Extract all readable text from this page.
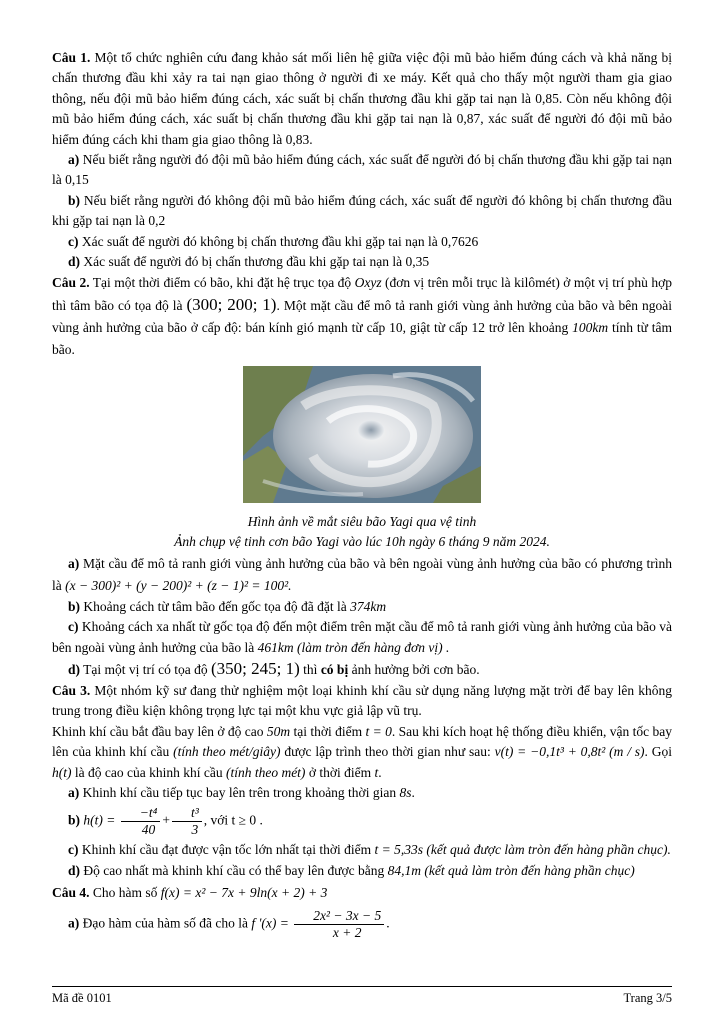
Câu 1. Một tổ chức nghiên cứu đang khảo sát mối liên hệ giữa việc đội mũ bảo hiểm đúng cách và khả năng bị chấn thương đầu khi xảy ra tai nạn giao thông ở người đi xe máy. Kết quả cho thấy một người tham gia giao thông, nếu đội mũ bảo hiểm đúng cách, xác suất bị chấn thương đầu khi gặp tai nạn là 0,85. Còn nếu không đội mũ bảo hiểm đúng cách, xác suất bị chấn thương đầu khi gặp tai nạn là 0,87, xác suất để người đó đội mũ bảo hiểm đúng cách khi tham gia giao thông là 0,83.

a) Nếu biết rằng người đó đội mũ bảo hiểm đúng cách, xác suất để người đó bị chấn thương đầu khi gặp tai nạn là 0,15

b) Nếu biết rằng người đó không đội mũ bảo hiểm đúng cách, xác suất để người đó không bị chấn thương đầu khi gặp tai nạn là 0,2

c) Xác suất để người đó không bị chấn thương đầu khi gặp tai nạn là 0,7626

d) Xác suất để người đó bị chấn thương đầu khi gặp tai nạn là 0,35

Câu 2. Tại một thời điểm có bão, khi đặt hệ trục tọa độ Oxyz (đơn vị trên mỗi trục là kilômét) ở một vị trí phù hợp thì tâm bão có tọa độ là (300; 200; 1). Một mặt cầu để mô tả ranh giới vùng ảnh hưởng của bão và bên ngoài vùng ảnh hưởng của bão ở cấp độ: bán kính gió mạnh từ cấp 10, giật từ cấp 12 trở lên khoảng 100km tính từ tâm bão.

Hình ảnh về mắt siêu bão Yagi qua vệ tinh

Ảnh chụp vệ tinh cơn bão Yagi vào lúc 10h ngày 6 tháng 9 năm 2024.

a) Mặt cầu để mô tả ranh giới vùng ảnh hưởng của bão và bên ngoài vùng ảnh hưởng của bão có phương trình là (x − 300)² + (y − 200)² + (z − 1)² = 100².

b) Khoảng cách từ tâm bão đến gốc tọa độ đã đặt là 374km

c) Khoảng cách xa nhất từ gốc tọa độ đến một điểm trên mặt cầu để mô tả ranh giới vùng ảnh hưởng của bão và bên ngoài vùng ảnh hưởng của bão là 461km (làm tròn đến hàng đơn vị) .

d) Tại một vị trí có tọa độ (350; 245; 1) thì có bị ảnh hưởng bởi cơn bão.

Câu 3. Một nhóm kỹ sư đang thử nghiệm một loại khinh khí cầu sử dụng năng lượng mặt trời để bay lên không trung trong điều kiện không trọng lực tại một khu vực giả lập vũ trụ.

Khinh khí cầu bắt đầu bay lên ở độ cao 50m tại thời điểm t = 0. Sau khi kích hoạt hệ thống điều khiển, vận tốc bay lên của khinh khí cầu (tính theo mét/giây) được lập trình theo thời gian như sau: v(t) = −0,1t³ + 0,8t² (m / s). Gọi h(t) là độ cao của khinh khí cầu (tính theo mét) ở thời điểm t.

a) Khinh khí cầu tiếp tục bay lên trên trong khoảng thời gian 8s.

b) $h(t) = \frac{\text{−t⁴}}{40} + \frac{\text{t³}}{3}$ , với t ≥ 0 .

c) Khinh khí cầu đạt được vận tốc lớn nhất tại thời điểm t = 5,33s (kết quả được làm tròn đến hàng phần chục).

d) Độ cao nhất mà khinh khí cầu có thể bay lên được bằng 84,1m (kết quả làm tròn đến hàng phần chục)

Câu 4. Cho hàm số f(x) = x² − 7x + 9ln(x + 2) + 3

a) Đạo hàm của hàm số đã cho là f '$(x) = \frac{\text{2x² − 3x − 5}}{x + 2}$ .

Mã đề 0101	Trang 3/5
